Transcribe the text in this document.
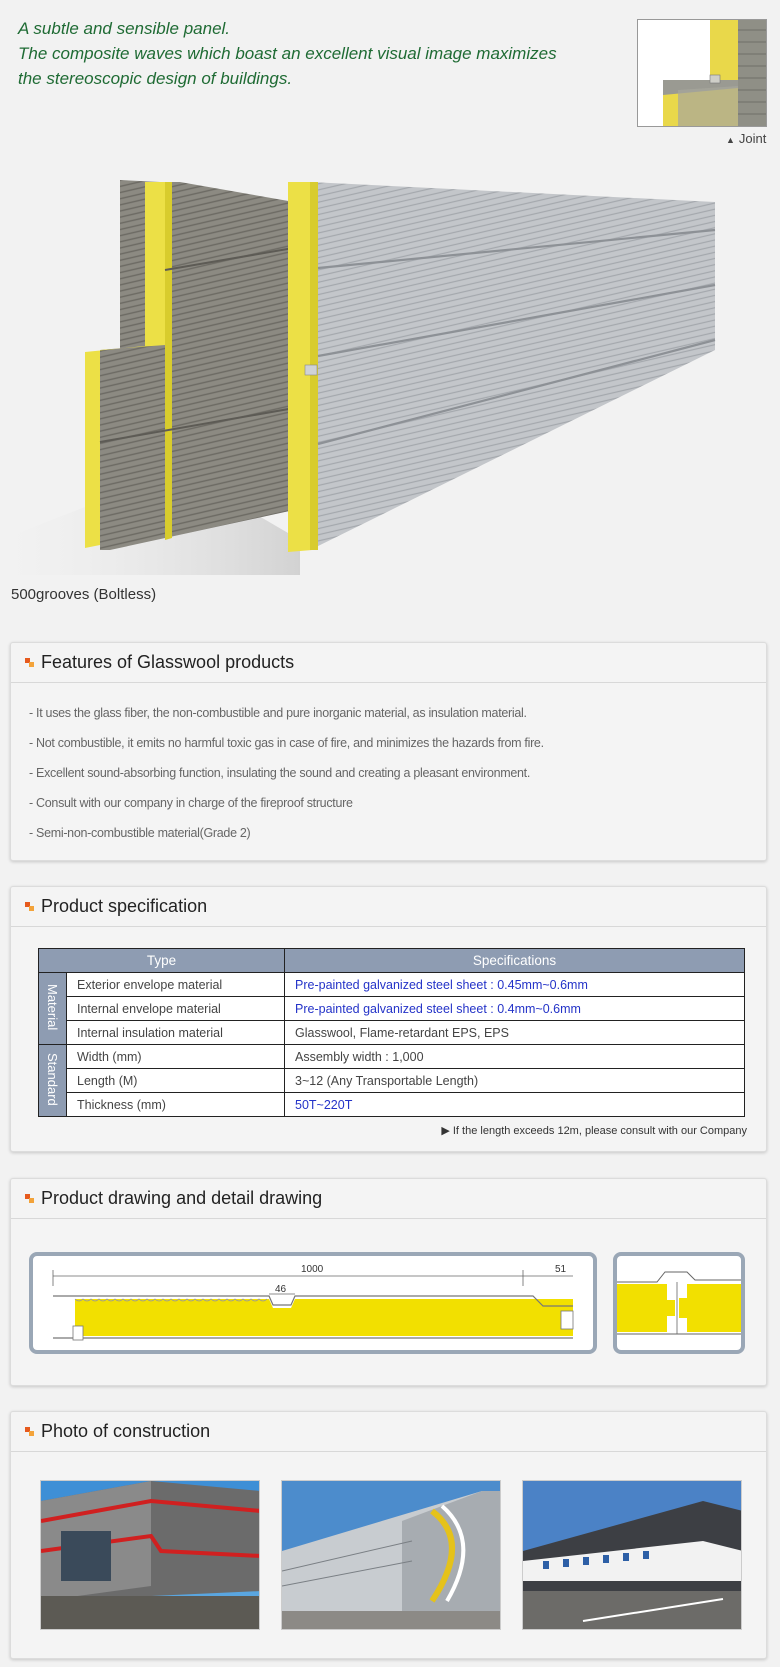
A subtle and sensible panel.
The composite waves which boast an excellent visual image maximizes
the stereoscopic design of buildings.
▲ Joint
500grooves (Boltless)
Features of Glasswool products
- It uses the glass fiber, the non-combustible and pure inorganic material, as insulation material.
- Not combustible, it emits no harmful toxic gas in case of fire, and minimizes the hazards from fire.
- Excellent sound-absorbing function, insulating the sound and creating a pleasant environment.
- Consult with our company in charge of the fireproof structure
- Semi-non-combustible material(Grade 2)
Product specification
Type		Specifications
Material	Exterior envelope material	Pre-painted galvanized steel sheet : 0.45mm~0.6mm
	Internal envelope material	Pre-painted galvanized steel sheet : 0.4mm~0.6mm
	Internal insulation material	Glasswool, Flame-retardant EPS, EPS
Standard	Width (mm)	Assembly width : 1,000
	Length (M)	3~12 (Any Transportable Length)
	Thickness (mm)	50T~220T
▶ If the length exceeds 12m, please consult with our Company
Product drawing and detail drawing
1000
46
51
Photo of construction
